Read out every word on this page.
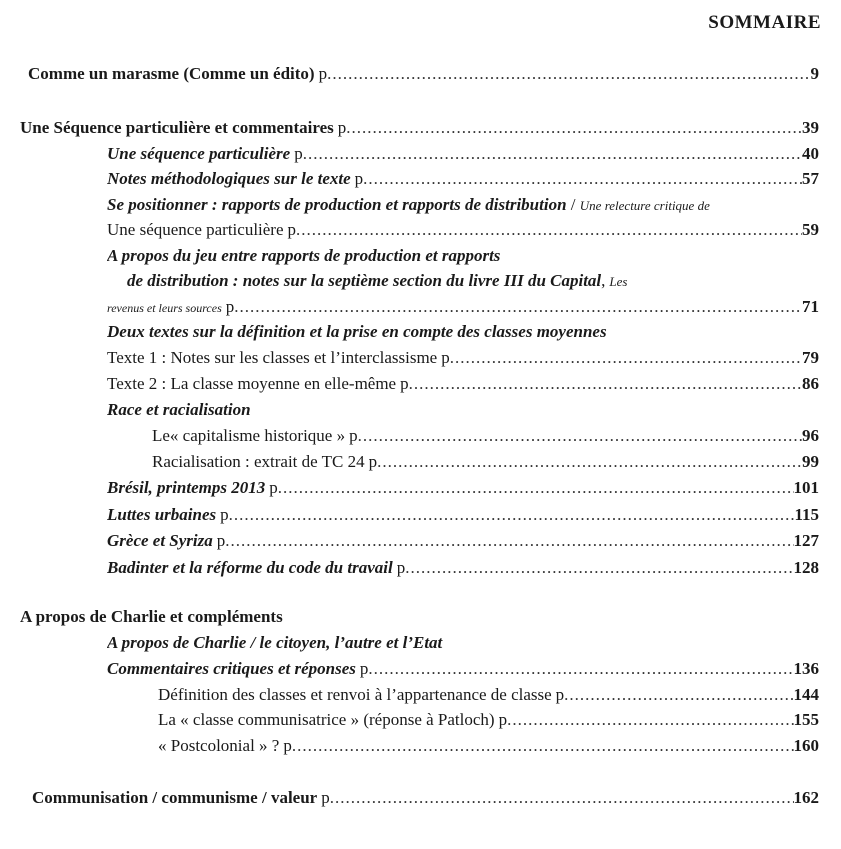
SOMMAIRE
Comme un marasme (Comme un édito) p .....	9
Une Séquence particulière et commentaires p .....	39
Une séquence particulière p .....	40
Notes méthodologiques sur le texte p .....	57
Se positionner : rapports de production et rapports de distribution / Une relecture critique de
Une séquence particulière p .....	59
A propos du jeu entre rapports de production et rapports
de distribution : notes sur la septième section du livre III du Capital , Les
revenus et leurs sources p .....	71
Deux textes sur la définition et la prise en compte des classes moyennes
Texte 1 : Notes sur les classes et l’interclassisme p .....	79
Texte 2 : La classe moyenne en elle-même p .....	86
Race et racialisation
Le« capitalisme historique » p .....	96
Racialisation : extrait de TC 24 p .....	99
Brésil, printemps 2013 p .....	101
Luttes urbaines p .....	115
Grèce et Syriza p .....	127
Badinter et la réforme du code du travail p .....	128
A propos de Charlie et compléments
A propos de Charlie / le citoyen, l’autre et l’Etat
Commentaires critiques et réponses p .....	136
Définition des classes et renvoi à l’appartenance de classe p .....	144
La « classe communisatrice » (réponse à Patloch) p .....	155
« Postcolonial » ? p .....	160
Communisation / communisme / valeur p .....	162
